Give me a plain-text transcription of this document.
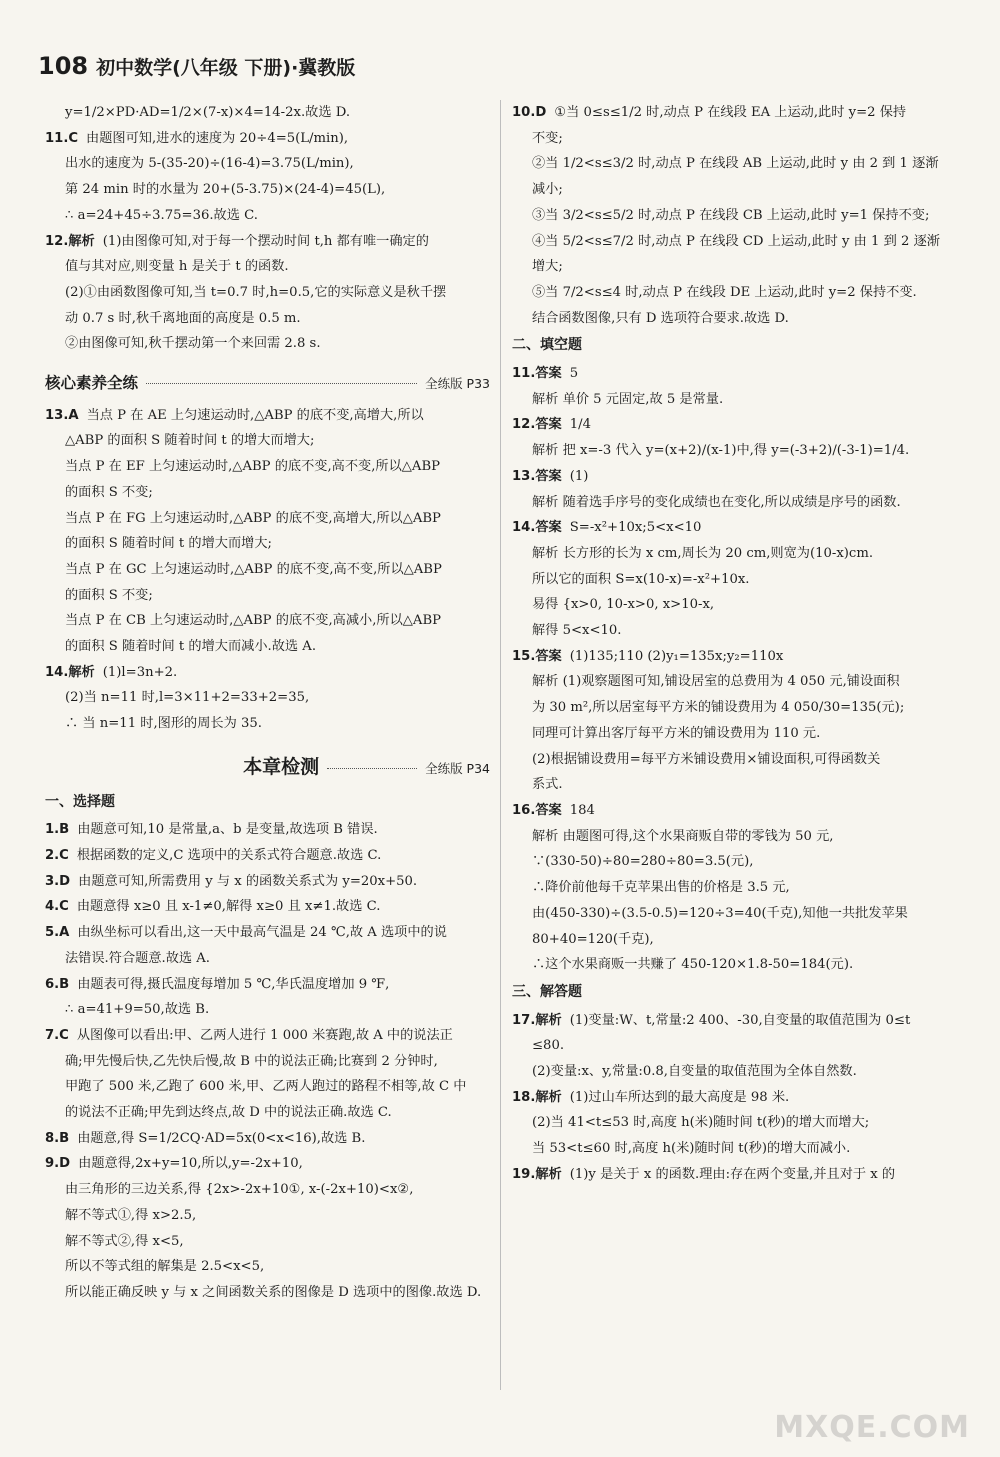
108 初中数学(八年级 下册)·冀教版
y=1/2×PD·AD=1/2×(7-x)×4=14-2x.故选 D.
11.C 由题图可知,进水的速度为 20÷4=5(L/min),
出水的速度为 5-(35-20)÷(16-4)=3.75(L/min),
第 24 min 时的水量为 20+(5-3.75)×(24-4)=45(L),
∴ a=24+45÷3.75=36.故选 C.
12.解析 (1)由图像可知,对于每一个摆动时间 t,h 都有唯一确定的
值与其对应,则变量 h 是关于 t 的函数.
(2)①由函数图像可知,当 t=0.7 时,h=0.5,它的实际意义是秋千摆
动 0.7 s 时,秋千离地面的高度是 0.5 m.
②由图像可知,秋千摆动第一个来回需 2.8 s.
核心素养全练	全练版 P33
13.A 当点 P 在 AE 上匀速运动时,△ABP 的底不变,高增大,所以
△ABP 的面积 S 随着时间 t 的增大而增大;
当点 P 在 EF 上匀速运动时,△ABP 的底不变,高不变,所以△ABP
的面积 S 不变;
当点 P 在 FG 上匀速运动时,△ABP 的底不变,高增大,所以△ABP
的面积 S 随着时间 t 的增大而增大;
当点 P 在 GC 上匀速运动时,△ABP 的底不变,高不变,所以△ABP
的面积 S 不变;
当点 P 在 CB 上匀速运动时,△ABP 的底不变,高减小,所以△ABP
的面积 S 随着时间 t 的增大而减小.故选 A.
14.解析 (1)l=3n+2.
(2)当 n=11 时,l=3×11+2=33+2=35,
∴ 当 n=11 时,图形的周长为 35.
本章检测	全练版 P34
一、选择题
1.B 由题意可知,10 是常量,a、b 是变量,故选项 B 错误.
2.C 根据函数的定义,C 选项中的关系式符合题意.故选 C.
3.D 由题意可知,所需费用 y 与 x 的函数关系式为 y=20x+50.
4.C 由题意得 x≥0 且 x-1≠0,解得 x≥0 且 x≠1.故选 C.
5.A 由纵坐标可以看出,这一天中最高气温是 24 ℃,故 A 选项中的说
法错误.符合题意.故选 A.
6.B 由题表可得,摄氏温度每增加 5 ℃,华氏温度增加 9 ℉,
∴ a=41+9=50,故选 B.
7.C 从图像可以看出:甲、乙两人进行 1 000 米赛跑,故 A 中的说法正
确;甲先慢后快,乙先快后慢,故 B 中的说法正确;比赛到 2 分钟时,
甲跑了 500 米,乙跑了 600 米,甲、乙两人跑过的路程不相等,故 C 中
的说法不正确;甲先到达终点,故 D 中的说法正确.故选 C.
8.B 由题意,得 S=1/2CQ·AD=5x(0<x<16),故选 B.
9.D 由题意得,2x+y=10,所以,y=-2x+10,
由三角形的三边关系,得 {2x>-2x+10①, x-(-2x+10)<x②,
解不等式①,得 x>2.5,
解不等式②,得 x<5,
所以不等式组的解集是 2.5<x<5,
所以能正确反映 y 与 x 之间函数关系的图像是 D 选项中的图像.故选 D.
10.D ①当 0≤s≤1/2 时,动点 P 在线段 EA 上运动,此时 y=2 保持
不变;
②当 1/2<s≤3/2 时,动点 P 在线段 AB 上运动,此时 y 由 2 到 1 逐渐
减小;
③当 3/2<s≤5/2 时,动点 P 在线段 CB 上运动,此时 y=1 保持不变;
④当 5/2<s≤7/2 时,动点 P 在线段 CD 上运动,此时 y 由 1 到 2 逐渐
增大;
⑤当 7/2<s≤4 时,动点 P 在线段 DE 上运动,此时 y=2 保持不变.
结合函数图像,只有 D 选项符合要求.故选 D.
二、填空题
11.答案 5
解析 单价 5 元固定,故 5 是常量.
12.答案 1/4
解析 把 x=-3 代入 y=(x+2)/(x-1)中,得 y=(-3+2)/(-3-1)=1/4.
13.答案 (1)
解析 随着选手序号的变化成绩也在变化,所以成绩是序号的函数.
14.答案 S=-x²+10x;5<x<10
解析 长方形的长为 x cm,周长为 20 cm,则宽为(10-x)cm.
所以它的面积 S=x(10-x)=-x²+10x.
易得 {x>0, 10-x>0, x>10-x,
解得 5<x<10.
15.答案 (1)135;110 (2)y₁=135x;y₂=110x
解析 (1)观察题图可知,铺设居室的总费用为 4 050 元,铺设面积
为 30 m²,所以居室每平方米的铺设费用为 4 050/30=135(元);
同理可计算出客厅每平方米的铺设费用为 110 元.
(2)根据铺设费用=每平方米铺设费用×铺设面积,可得函数关
系式.
16.答案 184
解析 由题图可得,这个水果商贩自带的零钱为 50 元,
∵(330-50)÷80=280÷80=3.5(元),
∴降价前他每千克苹果出售的价格是 3.5 元,
由(450-330)÷(3.5-0.5)=120÷3=40(千克),知他一共批发苹果
80+40=120(千克),
∴这个水果商贩一共赚了 450-120×1.8-50=184(元).
三、解答题
17.解析 (1)变量:W、t,常量:2 400、-30,自变量的取值范围为 0≤t
≤80.
(2)变量:x、y,常量:0.8,自变量的取值范围为全体自然数.
18.解析 (1)过山车所达到的最大高度是 98 米.
(2)当 41<t≤53 时,高度 h(米)随时间 t(秒)的增大而增大;
当 53<t≤60 时,高度 h(米)随时间 t(秒)的增大而减小.
19.解析 (1)y 是关于 x 的函数.理由:存在两个变量,并且对于 x 的
MXQE.COM
